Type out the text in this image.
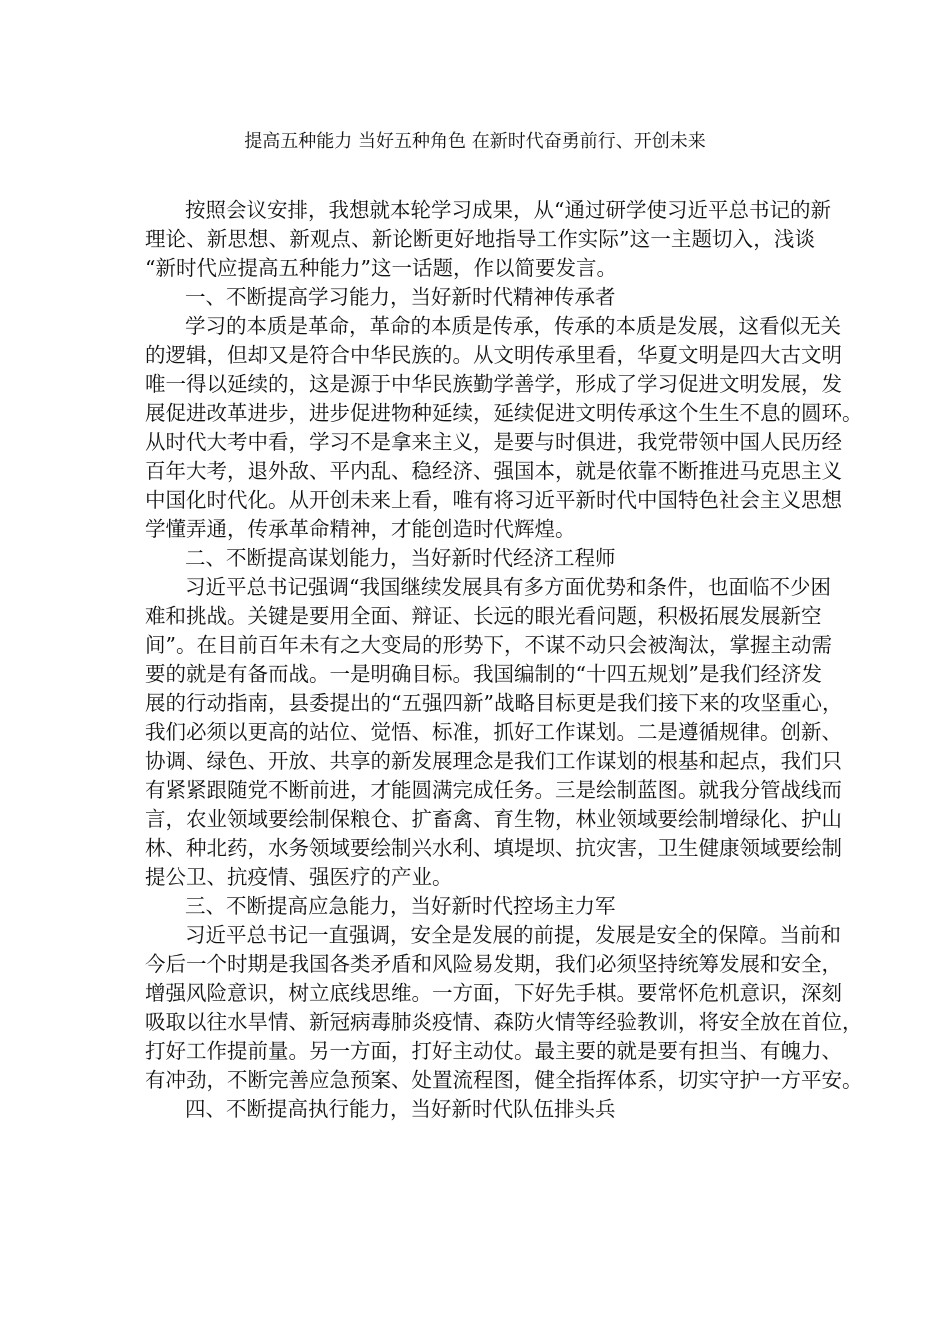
提高五种能力 当好五种角色 在新时代奋勇前行、开创未来
按照会议安排，我想就本轮学习成果，从“通过研学使习近平总书记的新
理论、新思想、新观点、新论断更好地指导工作实际”这一主题切入，浅谈
“新时代应提高五种能力”这一话题，作以简要发言。
一、不断提高学习能力，当好新时代精神传承者
学习的本质是革命，革命的本质是传承，传承的本质是发展，这看似无关
的逻辑，但却又是符合中华民族的。从文明传承里看，华夏文明是四大古文明
唯一得以延续的，这是源于中华民族勤学善学，形成了学习促进文明发展，发
展促进改革进步，进步促进物种延续，延续促进文明传承这个生生不息的圆环。
从时代大考中看，学习不是拿来主义，是要与时俱进，我党带领中国人民历经
百年大考，退外敌、平内乱、稳经济、强国本，就是依靠不断推进马克思主义
中国化时代化。从开创未来上看，唯有将习近平新时代中国特色社会主义思想
学懂弄通，传承革命精神，才能创造时代辉煌。
二、不断提高谋划能力，当好新时代经济工程师
习近平总书记强调“我国继续发展具有多方面优势和条件，也面临不少困
难和挑战。关键是要用全面、辩证、长远的眼光看问题，积极拓展发展新空
间”。在目前百年未有之大变局的形势下，不谋不动只会被淘汰，掌握主动需
要的就是有备而战。一是明确目标。我国编制的“十四五规划”是我们经济发
展的行动指南，县委提出的“五强四新”战略目标更是我们接下来的攻坚重心，
我们必须以更高的站位、觉悟、标准，抓好工作谋划。二是遵循规律。创新、
协调、绿色、开放、共享的新发展理念是我们工作谋划的根基和起点，我们只
有紧紧跟随党不断前进，才能圆满完成任务。三是绘制蓝图。就我分管战线而
言，农业领域要绘制保粮仓、扩畜禽、育生物，林业领域要绘制增绿化、护山
林、种北药，水务领域要绘制兴水利、填堤坝、抗灾害，卫生健康领域要绘制
提公卫、抗疫情、强医疗的产业。
三、不断提高应急能力，当好新时代控场主力军
习近平总书记一直强调，安全是发展的前提，发展是安全的保障。当前和
今后一个时期是我国各类矛盾和风险易发期，我们必须坚持统筹发展和安全，
增强风险意识，树立底线思维。一方面，下好先手棋。要常怀危机意识，深刻
吸取以往水旱情、新冠病毒肺炎疫情、森防火情等经验教训，将安全放在首位，
打好工作提前量。另一方面，打好主动仗。最主要的就是要有担当、有魄力、
有冲劲，不断完善应急预案、处置流程图，健全指挥体系，切实守护一方平安。
四、不断提高执行能力，当好新时代队伍排头兵
